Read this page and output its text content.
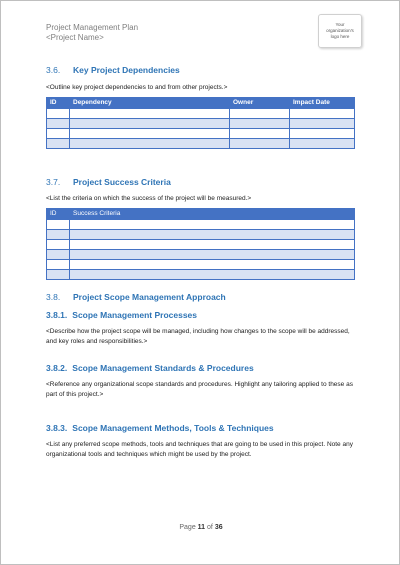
Project Management Plan
<Project Name>
Your organization's logo here
3.6. Key Project Dependencies
<Outline key project dependencies to and from other projects.>
ID	Dependency	Owner	Impact Date

3.7. Project Success Criteria
<List the criteria on which the success of the project will be measured.>
ID	Success Criteria

3.8. Project Scope Management Approach
3.8.1. Scope Management Processes
<Describe how the project scope will be managed, including how changes to the scope will be addressed, and key roles and responsibilities.>
3.8.2. Scope Management Standards & Procedures
<Reference any organizational scope standards and procedures. Highlight any tailoring applied to these as part of this project.>
3.8.3. Scope Management Methods, Tools & Techniques
<List any preferred scope methods, tools and techniques that are going to be used in this project. Note any organizational tools and techniques which might be used by the project.
Page 11 of 36
